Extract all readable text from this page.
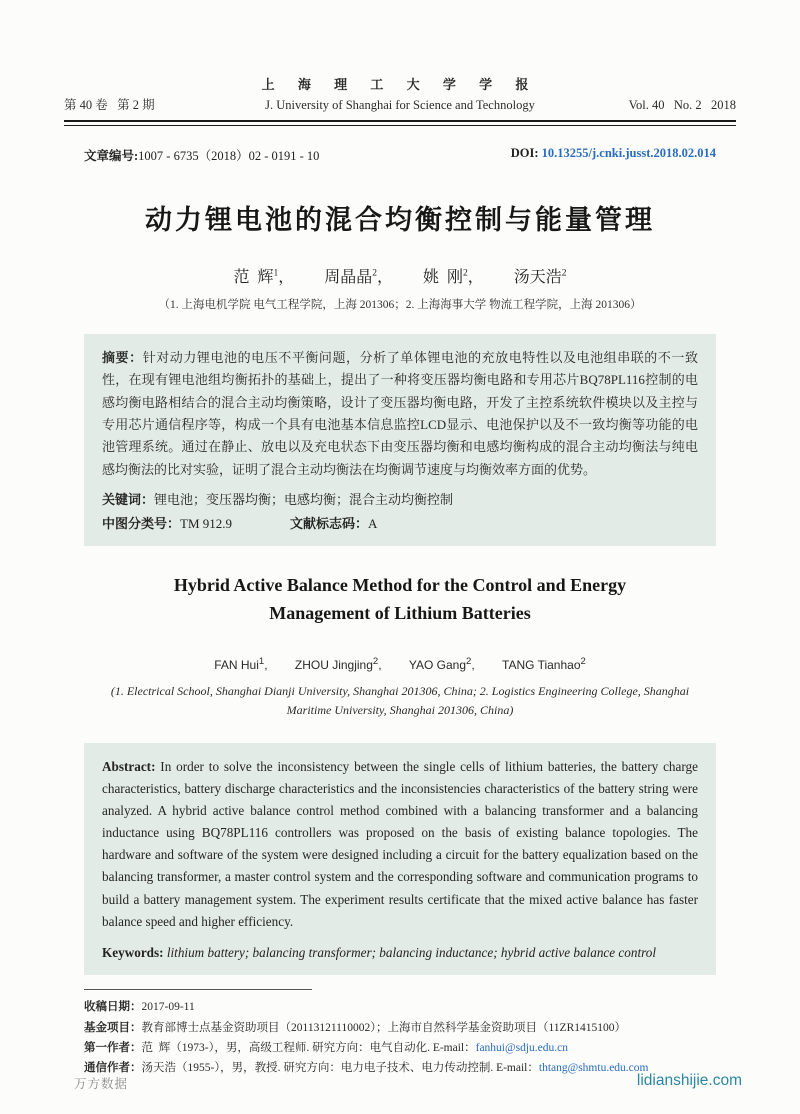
上 海 理 工 大 学 学 报
第 40 卷   第 2 期	J. University of Shanghai for Science and Technology	Vol. 40   No. 2   2018
文章编号:1007 - 6735（2018）02 - 0191 - 10	DOI: 10.13255/j.cnki.jusst.2018.02.014
动力锂电池的混合均衡控制与能量管理
范  辉$^1$， 周晶晶$^2$， 姚  刚$^2$， 汤天浩$^2$
（1. 上海电机学院 电气工程学院，上海 201306；2. 上海海事大学 物流工程学院，上海 201306）
摘要：针对动力锂电池的电压不平衡问题，分析了单体锂电池的充放电特性以及电池组串联的不一致性，在现有锂电池组均衡拓扑的基础上，提出了一种将变压器均衡电路和专用芯片BQ78PL116控制的电感均衡电路相结合的混合主动均衡策略，设计了变压器均衡电路，开发了主控系统软件模块以及主控与专用芯片通信程序等，构成一个具有电池基本信息监控LCD显示、电池保护以及不一致均衡等功能的电池管理系统。通过在静止、放电以及充电状态下由变压器均衡和电感均衡构成的混合主动均衡法与纯电感均衡法的比对实验，证明了混合主动均衡法在均衡调节速度与均衡效率方面的优势。
关键词：锂电池；变压器均衡；电感均衡；混合主动均衡控制
中图分类号：TM 912.9	文献标志码：A
Hybrid Active Balance Method for the Control and Energy
Management of Lithium Batteries
FAN Hui$^1$, ZHOU Jingjing$^2$, YAO Gang$^2$, TANG Tianhao$^2$
(1. Electrical School, Shanghai Dianji University, Shanghai 201306, China; 2. Logistics Engineering College, Shanghai Maritime University, Shanghai 201306, China)
Abstract: In order to solve the inconsistency between the single cells of lithium batteries, the battery charge characteristics, battery discharge characteristics and the inconsistencies characteristics of the battery string were analyzed. A hybrid active balance control method combined with a balancing transformer and a balancing inductance using BQ78PL116 controllers was proposed on the basis of existing balance topologies. The hardware and software of the system were designed including a circuit for the battery equalization based on the balancing transformer, a master control system and the corresponding software and communication programs to build a battery management system. The experiment results certificate that the mixed active balance has faster balance speed and higher efficiency.
Keywords: lithium battery; balancing transformer; balancing inductance; hybrid active balance control
收稿日期：2017-09-11
基金项目：教育部博士点基金资助项目（20113121110002）；上海市自然科学基金资助项目（11ZR1415100）
第一作者：范  辉（1973-），男，高级工程师. 研究方向：电气自动化. E-mail：fanhui@sdju.edu.cn
通信作者：汤天浩（1955-），男，教授. 研究方向：电力电子技术、电力传动控制. E-mail：thtang@shmtu.edu.com
万方数据	lidianshijie.com
